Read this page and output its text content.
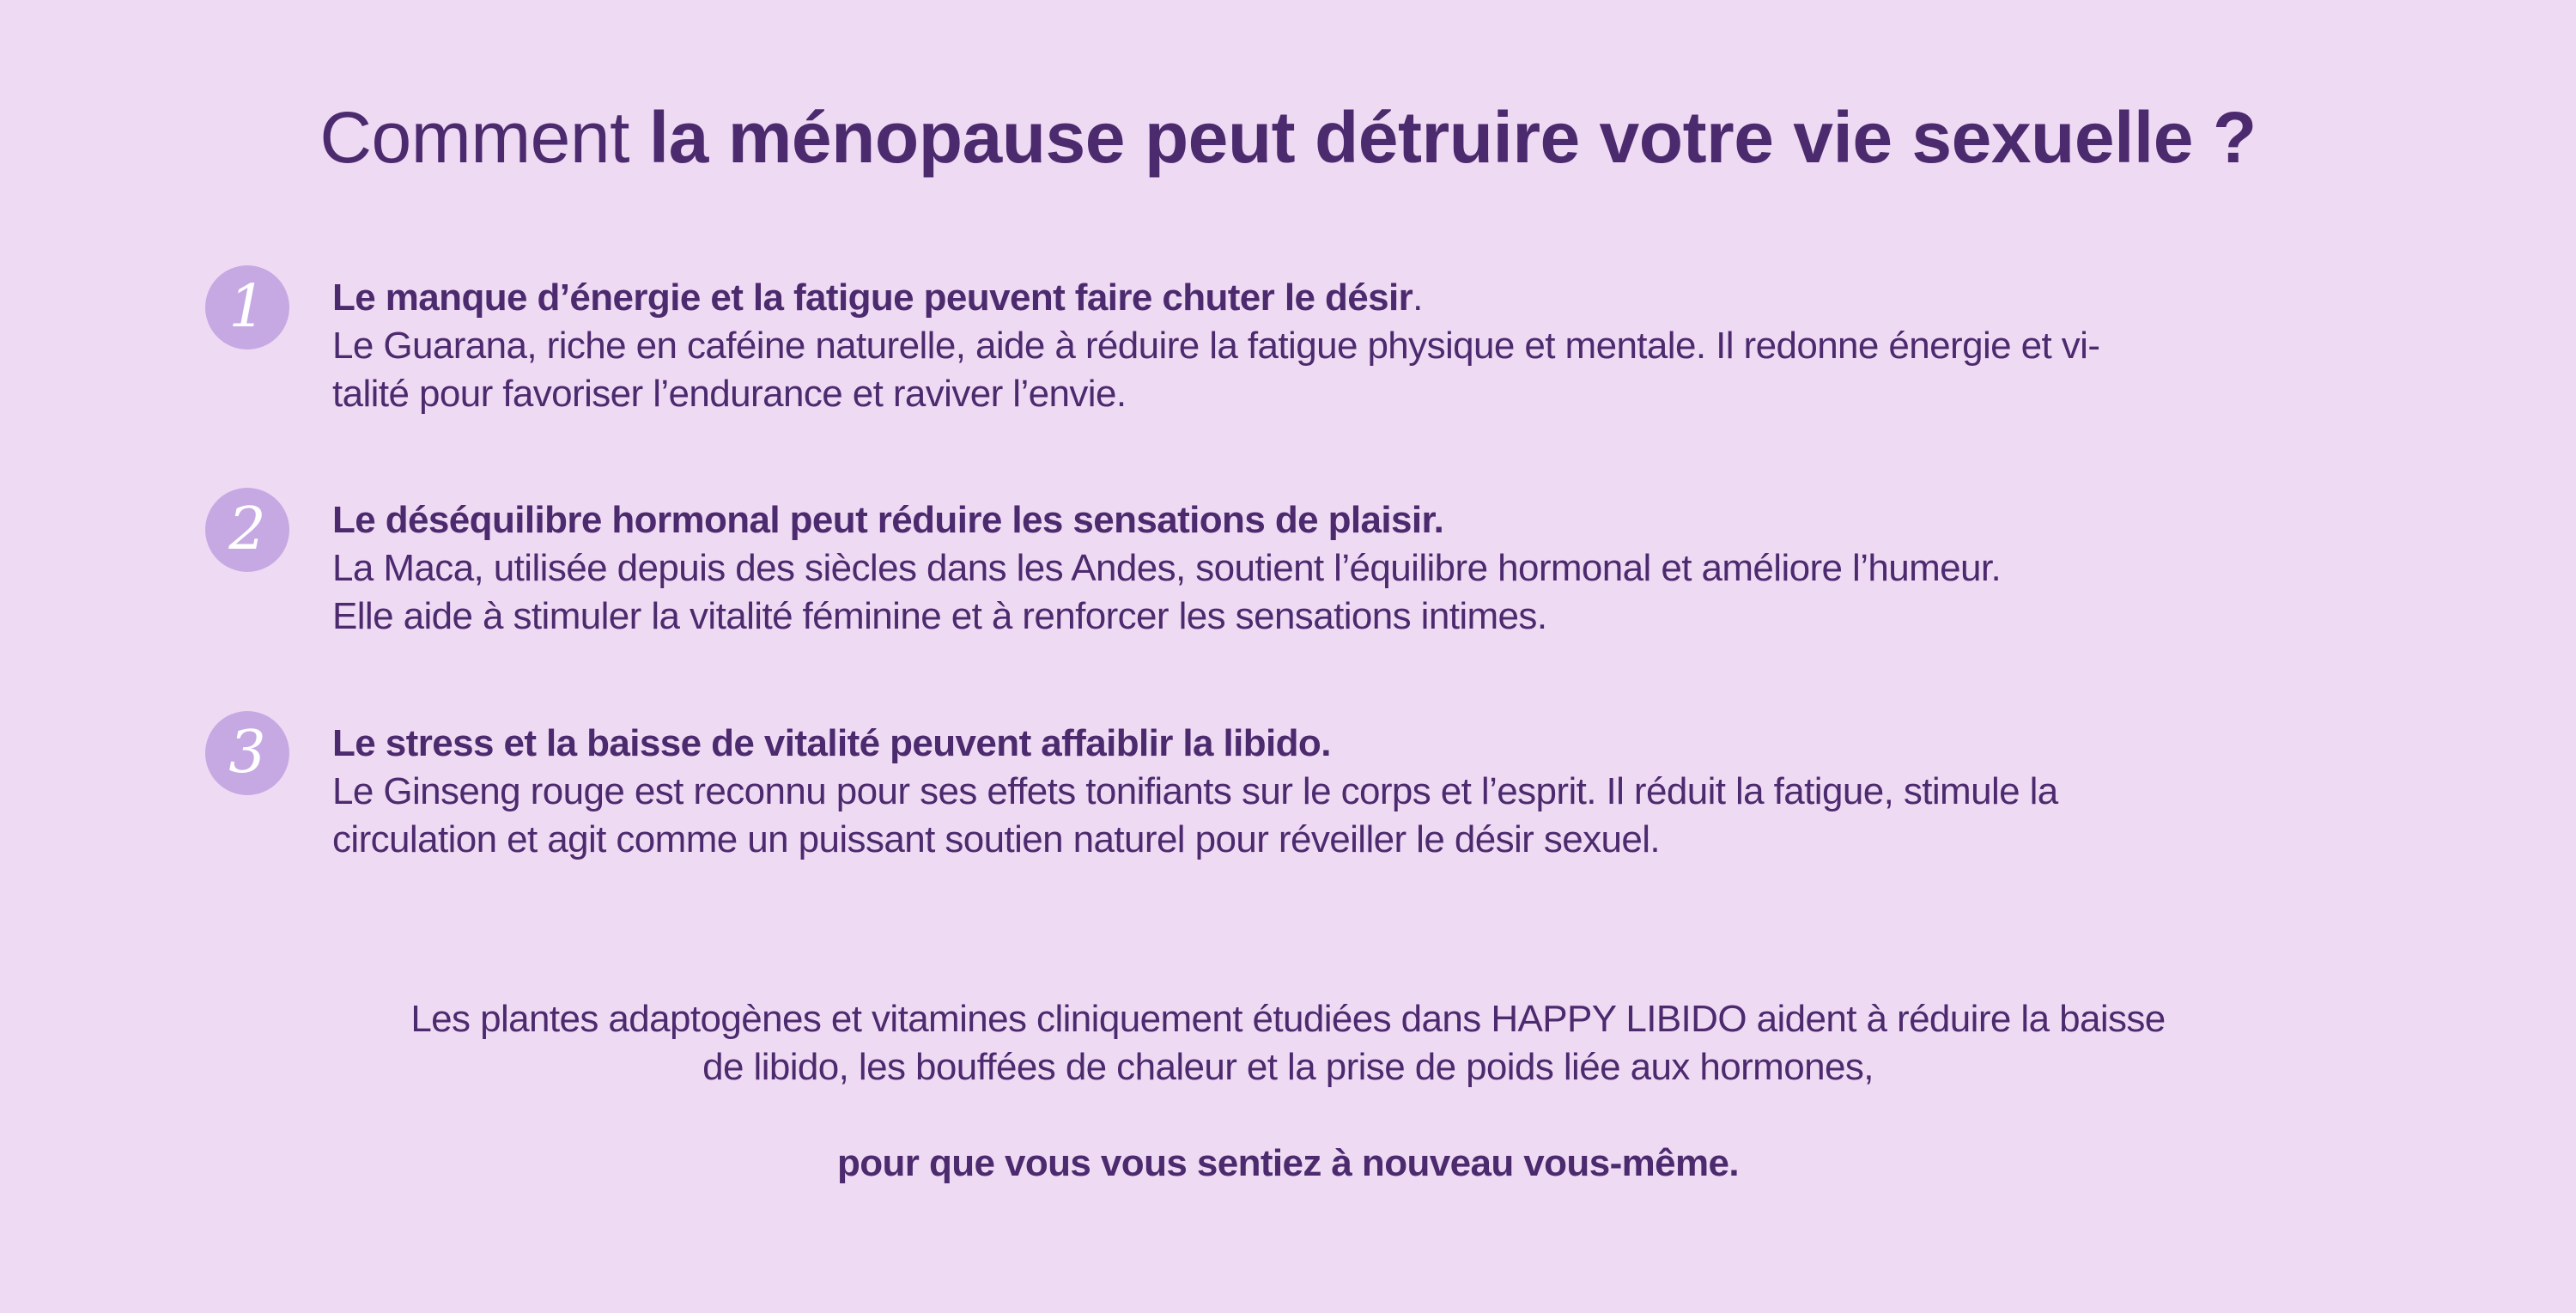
Comment la ménopause peut détruire votre vie sexuelle ?
1	Le manque d’énergie et la fatigue peuvent faire chuter le désir.
Le Guarana, riche en caféine naturelle, aide à réduire la fatigue physique et mentale. Il redonne énergie et vi-
talité pour favoriser l’endurance et raviver l’envie.
2	Le déséquilibre hormonal peut réduire les sensations de plaisir.
La Maca, utilisée depuis des siècles dans les Andes, soutient l’équilibre hormonal et améliore l’humeur.
Elle aide à stimuler la vitalité féminine et à renforcer les sensations intimes.
3	Le stress et la baisse de vitalité peuvent affaiblir la libido.
Le Ginseng rouge est reconnu pour ses effets tonifiants sur le corps et l’esprit. Il réduit la fatigue, stimule la
circulation et agit comme un puissant soutien naturel pour réveiller le désir sexuel.
Les plantes adaptogènes et vitamines cliniquement étudiées dans HAPPY LIBIDO aident à réduire la baisse
de libido, les bouffées de chaleur et la prise de poids liée aux hormones,
pour que vous vous sentiez à nouveau vous-même.
